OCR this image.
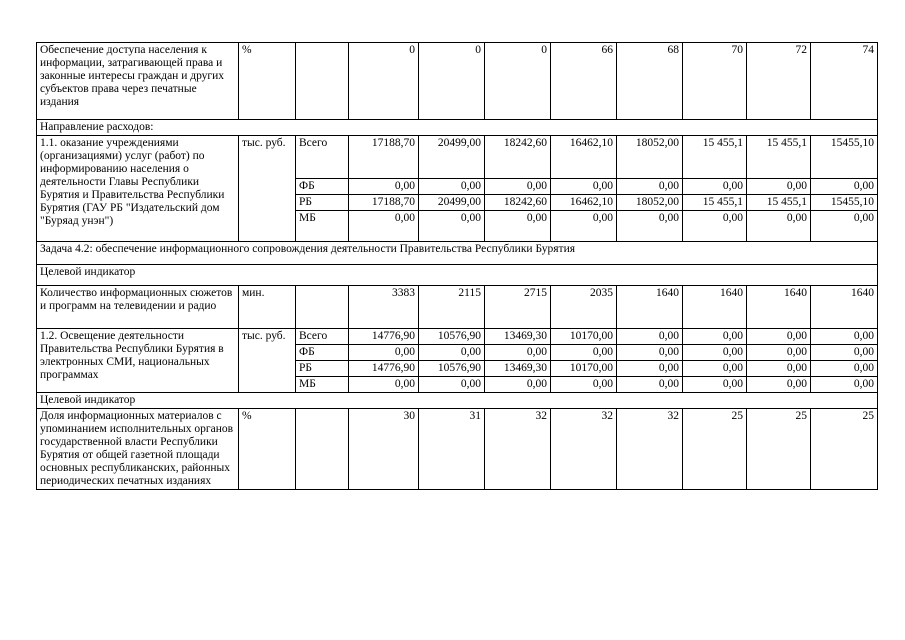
Обеспечение доступа населения к информации, затрагивающей права и законные интересы граждан и других субъектов права через печатные издания	%		0	0	0	66	68	70	72	74
Направление расходов:										
1.1. оказание учреждениями (организациями) услуг (работ) по информированию населения о деятельности Главы Республики Бурятия и Правительства Республики Бурятия (ГАУ РБ "Издательский дом "Буряад унэн")	тыс. руб.	Всего	17188,70	20499,00	18242,60	16462,10	18052,00	15 455,1	15 455,1	15455,10
		ФБ	0,00	0,00	0,00	0,00	0,00	0,00	0,00	0,00
		РБ	17188,70	20499,00	18242,60	16462,10	18052,00	15 455,1	15 455,1	15455,10
		МБ	0,00	0,00	0,00	0,00	0,00	0,00	0,00	0,00
Задача 4.2: обеспечение информационного сопровождения деятельности Правительства Республики Бурятия										
Целевой индикатор										
Количество информационных сюжетов и программ на телевидении и радио	мин.		3383	2115	2715	2035	1640	1640	1640	1640
1.2. Освещение деятельности Правительства Республики Бурятия в электронных СМИ, национальных программах	тыс. руб.	Всего	14776,90	10576,90	13469,30	10170,00	0,00	0,00	0,00	0,00
		ФБ	0,00	0,00	0,00	0,00	0,00	0,00	0,00	0,00
		РБ	14776,90	10576,90	13469,30	10170,00	0,00	0,00	0,00	0,00
		МБ	0,00	0,00	0,00	0,00	0,00	0,00	0,00	0,00
Целевой индикатор										
Доля информационных материалов с упоминанием исполнительных органов государственной власти Республики Бурятия от общей газетной площади основных республиканских, районных периодических печатных изданиях	%		30	31	32	32	32	25	25	25
